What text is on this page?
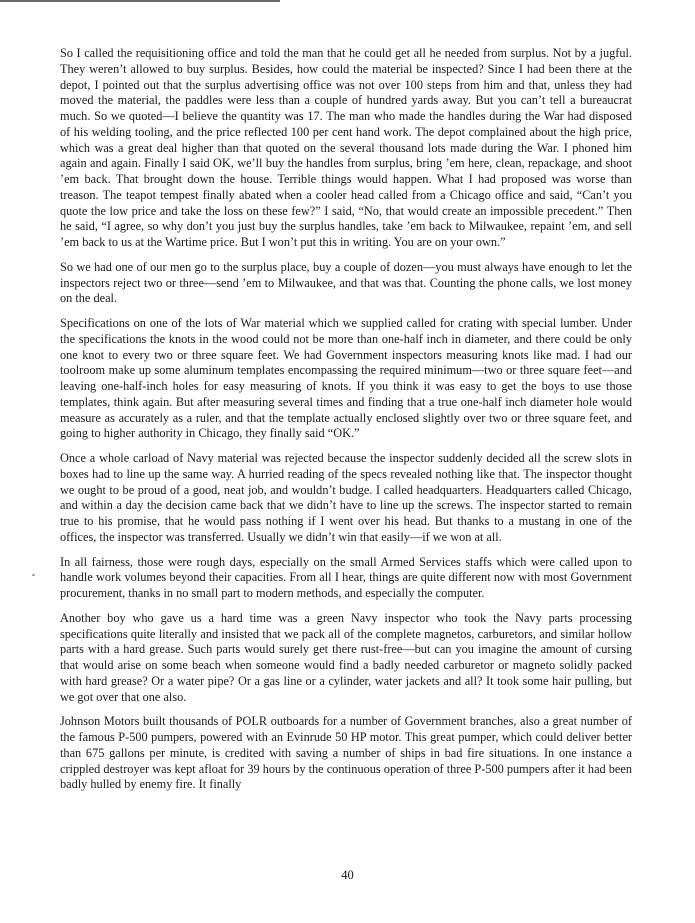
So I called the requisitioning office and told the man that he could get all he needed from surplus. Not by a jugful. They weren’t allowed to buy surplus. Besides, how could the material be inspected? Since I had been there at the depot, I pointed out that the surplus advertising office was not over 100 steps from him and that, unless they had moved the material, the paddles were less than a couple of hundred yards away. But you can’t tell a bureaucrat much. So we quoted—I believe the quantity was 17. The man who made the handles during the War had disposed of his welding tooling, and the price reflected 100 per cent hand work. The depot complained about the high price, which was a great deal higher than that quoted on the several thousand lots made during the War. I phoned him again and again. Finally I said OK, we’ll buy the handles from surplus, bring ’em here, clean, repackage, and shoot ’em back. That brought down the house. Terrible things would happen. What I had proposed was worse than treason. The teapot tempest finally abated when a cooler head called from a Chicago office and said, “Can’t you quote the low price and take the loss on these few?” I said, “No, that would create an impossible precedent.” Then he said, “I agree, so why don’t you just buy the surplus handles, take ’em back to Milwaukee, repaint ’em, and sell ’em back to us at the Wartime price. But I won’t put this in writing. You are on your own.”

So we had one of our men go to the surplus place, buy a couple of dozen—you must always have enough to let the inspectors reject two or three—send ’em to Milwaukee, and that was that. Counting the phone calls, we lost money on the deal.

Specifications on one of the lots of War material which we supplied called for crating with special lumber. Under the specifications the knots in the wood could not be more than one-half inch in diameter, and there could be only one knot to every two or three square feet. We had Government inspectors measuring knots like mad. I had our toolroom make up some aluminum templates encompassing the required minimum—two or three square feet—and leaving one-half-inch holes for easy measuring of knots. If you think it was easy to get the boys to use those templates, think again. But after measuring several times and finding that a true one-half inch diameter hole would measure as accurately as a ruler, and that the template actually enclosed slightly over two or three square feet, and going to higher authority in Chicago, they finally said “OK.”

Once a whole carload of Navy material was rejected because the inspector suddenly decided all the screw slots in boxes had to line up the same way. A hurried reading of the specs revealed nothing like that. The inspector thought we ought to be proud of a good, neat job, and wouldn’t budge. I called headquarters. Headquarters called Chicago, and within a day the decision came back that we didn’t have to line up the screws. The inspector started to remain true to his promise, that he would pass nothing if I went over his head. But thanks to a mustang in one of the offices, the inspector was transferred. Usually we didn’t win that easily—if we won at all.

In all fairness, those were rough days, especially on the small Armed Services staffs which were called upon to handle work volumes beyond their capacities. From all I hear, things are quite different now with most Government procurement, thanks in no small part to modern methods, and especially the computer.

Another boy who gave us a hard time was a green Navy inspector who took the Navy parts processing specifications quite literally and insisted that we pack all of the complete magnetos, carburetors, and similar hollow parts with a hard grease. Such parts would surely get there rust-free—but can you imagine the amount of cursing that would arise on some beach when someone would find a badly needed carburetor or magneto solidly packed with hard grease? Or a water pipe? Or a gas line or a cylinder, water jackets and all? It took some hair pulling, but we got over that one also.

Johnson Motors built thousands of POLR outboards for a number of Government branches, also a great number of the famous P-500 pumpers, powered with an Evinrude 50 HP motor. This great pumper, which could deliver better than 675 gallons per minute, is credited with saving a number of ships in bad fire situations. In one instance a crippled destroyer was kept afloat for 39 hours by the continuous operation of three P-500 pumpers after it had been badly hulled by enemy fire. It finally

40
